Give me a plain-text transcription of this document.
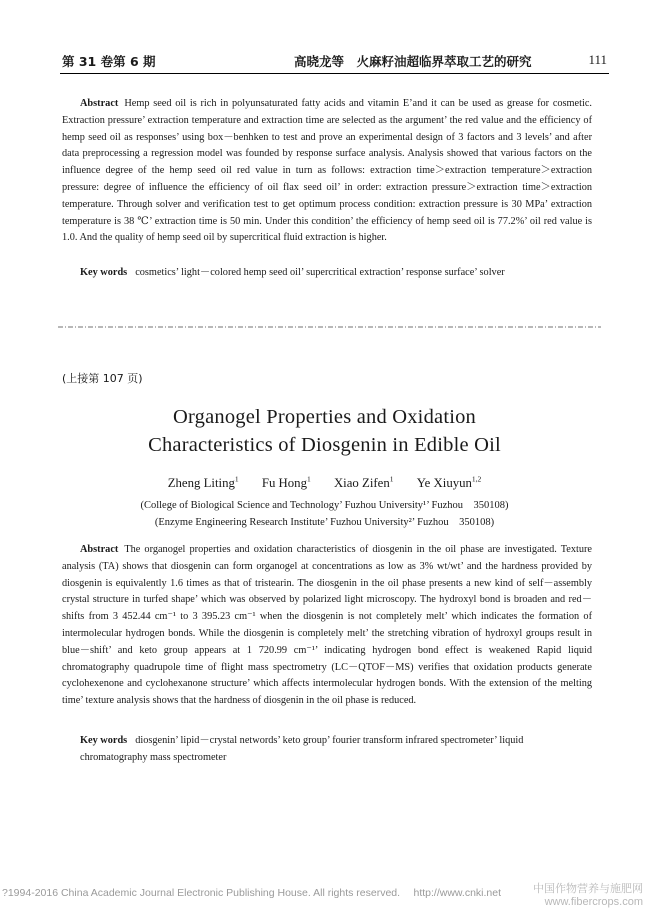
第 31 卷第 6 期	高晓龙等　火麻籽油超临界萃取工艺的研究	111
Abstract Hemp seed oil is rich in polyunsaturated fatty acids and vitamin E’and it can be used as grease for cosmetic. Extraction pressure’ extraction temperature and extraction time are selected as the argument’ the red value and the efficiency of hemp seed oil as responses’ using box－benhken to test and prove an experimental design of 3 factors and 3 levels’ and after data preprocessing a regression model was founded by response surface analysis. Analysis showed that various factors on the influence degree of the hemp seed oil red value in turn as follows: extraction time＞extraction temperature＞extraction pressure: degree of influence the efficiency of oil flax seed oil’ in order: extraction pressure＞extraction time＞extraction temperature. Through solver and verification test to get optimum process condition: extraction pressure is 30 MPa’ extraction temperature is 38 ℃’ extraction time is 50 min. Under this condition’ the efficiency of hemp seed oil is 77.2%’ oil red value is 1.0. And the quality of hemp seed oil by supercritical fluid extraction is higher.
Key words cosmetics’ light－colored hemp seed oil’ supercritical extraction’ response surface’ solver
(上接第 107 页)
Organogel Properties and Oxidation
Characteristics of Diosgenin in Edible Oil
Zheng Liting$^1$ Fu Hong$^1$ Xiao Zifen$^1$ Ye Xiuyun$^{1,2}$
(College of Biological Science and Technology’ Fuzhou University¹’ Fuzhou　350108)
(Enzyme Engineering Research Institute’ Fuzhou University²’ Fuzhou　350108)
Abstract The organogel properties and oxidation characteristics of diosgenin in the oil phase are investigated. Texture analysis (TA) shows that diosgenin can form organogel at concentrations as low as 3% wt/wt’ and the hardness provided by diosgenin is equivalently 1.6 times as that of tristearin. The diosgenin in the oil phase presents a new kind of self－assembly crystal structure in turfed shape’ which was observed by polarized light microscopy. The hydroxyl bond is broaden and red－shifts from 3 452.44 cm⁻¹ to 3 395.23 cm⁻¹ when the diosgenin is not completely melt’ which indicates the formation of intermolecular hydrogen bonds. While the diosgenin is completely melt’ the stretching vibration of hydroxyl groups result in blue－shift’ and keto group appears at 1 720.99 cm⁻¹’ indicating hydrogen bond effect is weakened Rapid liquid chromatography quadrupole time of flight mass spectrometry (LC－QTOF－MS) verifies that oxidation products generate cyclohexenone and cyclohexanone structure’ which affects intermolecular hydrogen bonds. With the extension of the melting time’ texture analysis shows that the hardness of diosgenin in the oil phase is reduced.
Key words diosgenin’ lipid－crystal networds’ keto group’ fourier transform infrared spectrometer’ liquid chromatography mass spectrometer
?1994-2016 China Academic Journal Electronic Publishing House. All rights reserved.　 http://www.cnki.net	中国作物营养与施肥网
www.fibercrops.com
